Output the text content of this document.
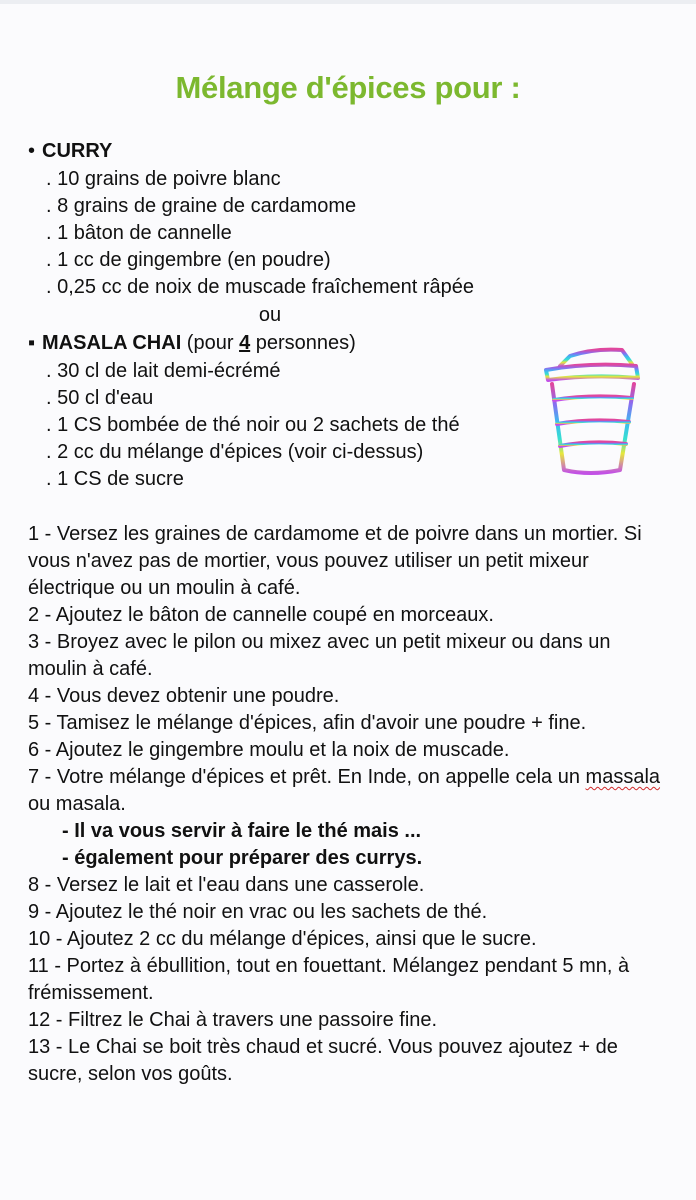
Mélange d'épices pour :
• CURRY
. 10 grains de poivre blanc
. 8 grains de graine de cardamome
. 1 bâton de cannelle
. 1 cc de gingembre (en poudre)
. 0,25 cc de noix de muscade fraîchement râpée
ou
▪ MASALA CHAI (pour 4 personnes)
. 30 cl de lait demi-écrémé
. 50 cl d'eau
. 1 CS bombée de thé noir ou 2 sachets de thé
. 2 cc du mélange d'épices (voir ci-dessus)
. 1 CS de sucre
1 - Versez les graines de cardamome et de poivre dans un mortier. Si vous n'avez pas de mortier, vous pouvez utiliser un petit mixeur électrique ou un moulin à café.
2 - Ajoutez le bâton de cannelle coupé en morceaux.
3 - Broyez avec le pilon ou mixez avec un petit mixeur ou dans un moulin à café.
4 - Vous devez obtenir une poudre.
5 - Tamisez le mélange d'épices, afin d'avoir une poudre + fine.
6 - Ajoutez le gingembre moulu et la noix de muscade.
7 - Votre mélange d'épices et prêt. En Inde, on appelle cela un massala ou masala.
- Il va vous servir à faire le thé mais ...
- également pour préparer des currys.
8 - Versez le lait et l'eau dans une casserole.
9 - Ajoutez le thé noir en vrac ou les sachets de thé.
10 - Ajoutez 2 cc du mélange d'épices, ainsi que le sucre.
11 - Portez à ébullition, tout en fouettant. Mélangez pendant 5 mn, à frémissement.
12 - Filtrez le Chai à travers une passoire fine.
13 - Le Chai se boit très chaud et sucré. Vous pouvez ajoutez + de sucre, selon vos goûts.
